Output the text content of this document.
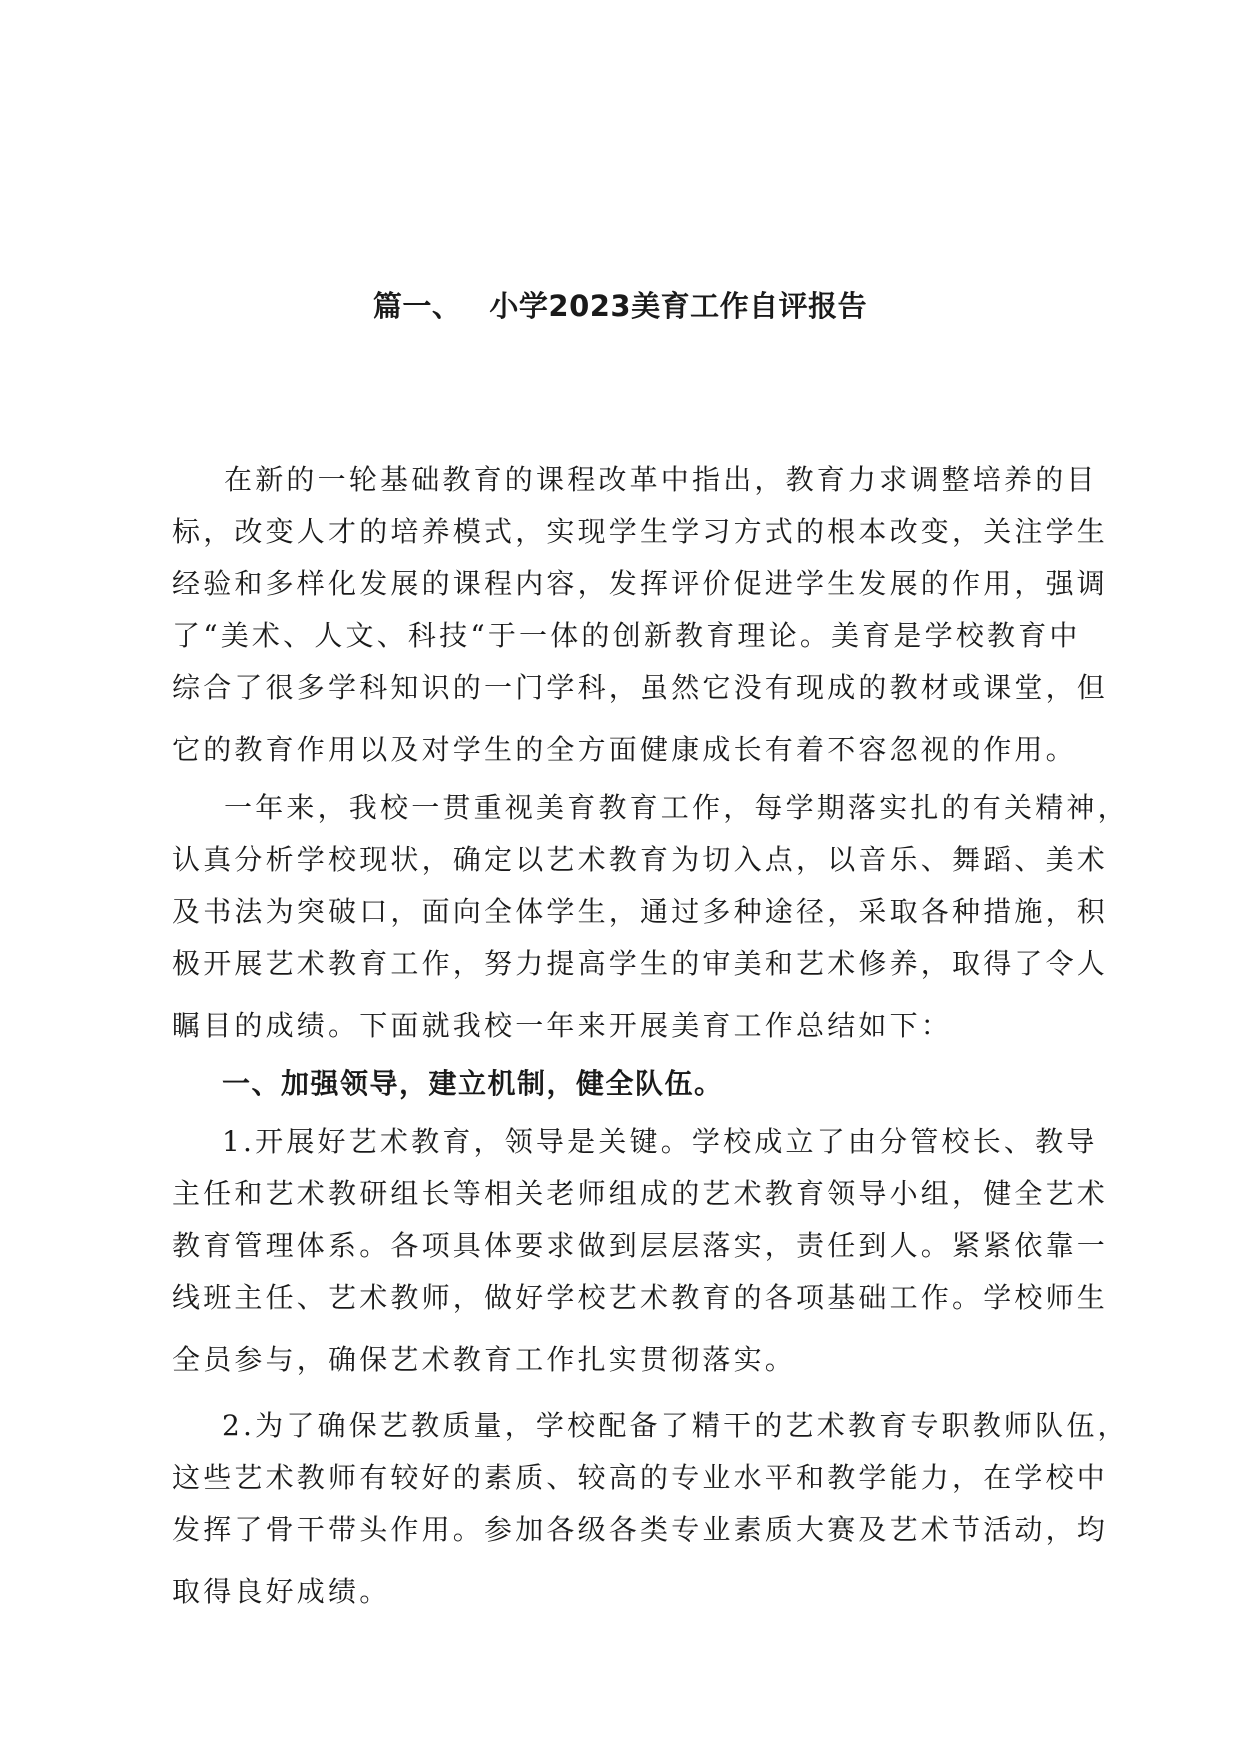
篇一、 小学2023美育工作自评报告
在新的一轮基础教育的课程改革中指出，教育力求调整培养的目
标，改变人才的培养模式，实现学生学习方式的根本改变，关注学生
经验和多样化发展的课程内容，发挥评价促进学生发展的作用，强调
了“美术、人文、科技“于一体的创新教育理论。美育是学校教育中
综合了很多学科知识的一门学科，虽然它没有现成的教材或课堂，但
它的教育作用以及对学生的全方面健康成长有着不容忽视的作用。
一年来，我校一贯重视美育教育工作，每学期落实扎的有关精神，
认真分析学校现状，确定以艺术教育为切入点，以音乐、舞蹈、美术
及书法为突破口，面向全体学生，通过多种途径，采取各种措施，积
极开展艺术教育工作，努力提高学生的审美和艺术修养，取得了令人
瞩目的成绩。下面就我校一年来开展美育工作总结如下：
一、加强领导，建立机制，健全队伍。
1.开展好艺术教育，领导是关键。学校成立了由分管校长、教导
主任和艺术教研组长等相关老师组成的艺术教育领导小组，健全艺术
教育管理体系。各项具体要求做到层层落实，责任到人。紧紧依靠一
线班主任、艺术教师，做好学校艺术教育的各项基础工作。学校师生
全员参与，确保艺术教育工作扎实贯彻落实。
2.为了确保艺教质量，学校配备了精干的艺术教育专职教师队伍，
这些艺术教师有较好的素质、较高的专业水平和教学能力，在学校中
发挥了骨干带头作用。参加各级各类专业素质大赛及艺术节活动，均
取得良好成绩。
